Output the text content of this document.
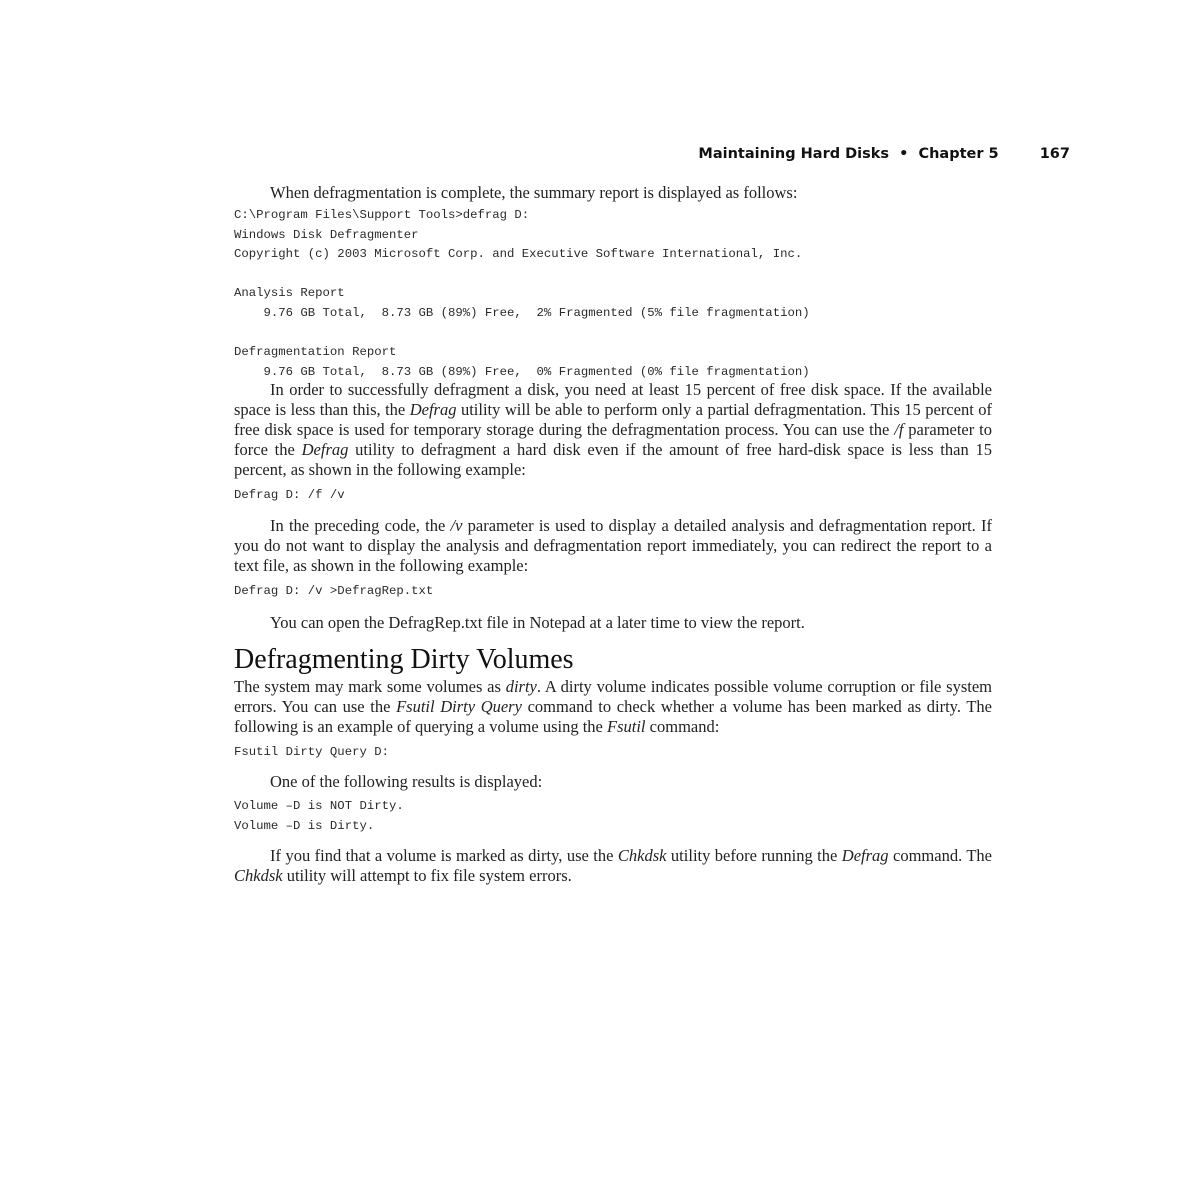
Maintaining Hard Disks • Chapter 5	167

When defragmentation is complete, the summary report is displayed as follows:

C:\Program Files\Support Tools>defrag D:
Windows Disk Defragmenter
Copyright (c) 2003 Microsoft Corp. and Executive Software International, Inc.

Analysis Report
9.76 GB Total,  8.73 GB (89%) Free,  2% Fragmented (5% file fragmentation)

Defragmentation Report
9.76 GB Total,  8.73 GB (89%) Free,  0% Fragmented (0% file fragmentation)

In order to successfully defragment a disk, you need at least 15 percent of free disk space. If the available space is less than this, the Defrag utility will be able to perform only a partial defragmentation. This 15 percent of free disk space is used for temporary storage during the defragmentation process. You can use the /f parameter to force the Defrag utility to defragment a hard disk even if the amount of free hard-disk space is less than 15 percent, as shown in the following example:

Defrag D: /f /v

In the preceding code, the /v parameter is used to display a detailed analysis and defragmentation report. If you do not want to display the analysis and defragmentation report immediately, you can redirect the report to a text file, as shown in the following example:

Defrag D: /v >DefragRep.txt

You can open the DefragRep.txt file in Notepad at a later time to view the report.

Defragmenting Dirty Volumes

The system may mark some volumes as dirty. A dirty volume indicates possible volume corruption or file system errors. You can use the Fsutil Dirty Query command to check whether a volume has been marked as dirty. The following is an example of querying a volume using the Fsutil command:

Fsutil Dirty Query D:

One of the following results is displayed:

Volume –D is NOT Dirty.
Volume –D is Dirty.

If you find that a volume is marked as dirty, use the Chkdsk utility before running the Defrag command. The Chkdsk utility will attempt to fix file system errors.
